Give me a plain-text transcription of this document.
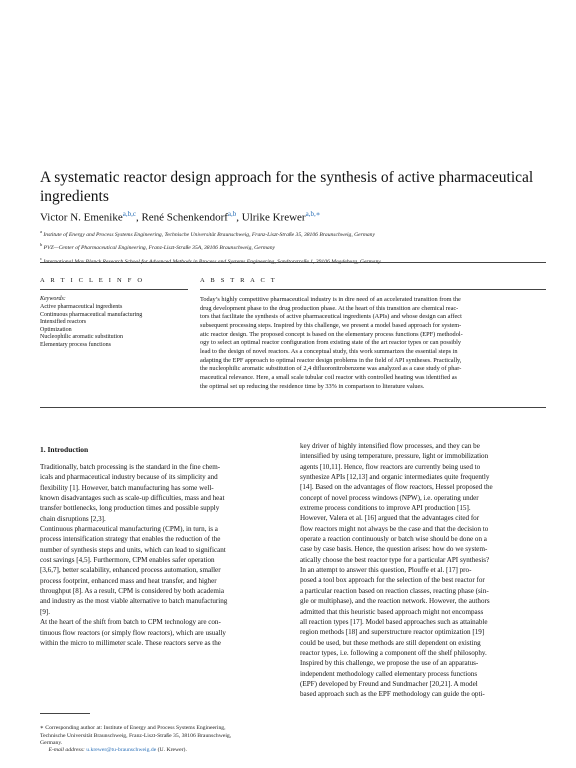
A systematic reactor design approach for the synthesis of active pharmaceutical ingredients
Victor N. Emenike$^{a,b,c}$, René Schenkendorf$^{a,b}$, Ulrike Krewer$^{a,b,∗}$
$^a$ Institute of Energy and Process Systems Engineering, Technische Universität Braunschweig, Franz-Liszt-Straße 35, 38106 Braunschweig, Germany
$^b$ PVZ—Center of Pharmaceutical Engineering, Franz-Liszt-Straße 35A, 38106 Braunschweig, Germany
$^c$ International Max Planck Research School for Advanced Methods in Process and Systems Engineering, Sandtorstraße 1, 39106 Magdeburg, Germany
A R T I C L E I N F O	A B S T R A C T
Keywords:
Active pharmaceutical ingredients
Continuous pharmaceutical manufacturing
Intensified reactors
Optimization
Nucleophilic aromatic substitution
Elementary process functions
Today’s highly competitive pharmaceutical industry is in dire need of an accelerated transition from the
drug development phase to the drug production phase. At the heart of this transition are chemical reac-
tors that facilitate the synthesis of active pharmaceutical ingredients (APIs) and whose design can affect
subsequent processing steps. Inspired by this challenge, we present a model based approach for system-
atic reactor design. The proposed concept is based on the elementary process functions (EPF) methodol-
ogy to select an optimal reactor configuration from existing state of the art reactor types or can possibly
lead to the design of novel reactors. As a conceptual study, this work summarizes the essential steps in
adapting the EPF approach to optimal reactor design problems in the field of API syntheses. Practically,
the nucleophilic aromatic substitution of 2,4 difluoronitrobenzene was analyzed as a case study of phar-
maceutical relevance. Here, a small scale tubular coil reactor with controlled heating was identified as
the optimal set up reducing the residence time by 33% in comparison to literature values.
1. Introduction
Traditionally, batch processing is the standard in the fine chem-
icals and pharmaceutical industry because of its simplicity and
flexibility [1]. However, batch manufacturing has some well-
known disadvantages such as scale-up difficulties, mass and heat
transfer bottlenecks, long production times and possible supply
chain disruptions [2,3].
Continuous pharmaceutical manufacturing (CPM), in turn, is a
process intensification strategy that enables the reduction of the
number of synthesis steps and units, which can lead to significant
cost savings [4,5]. Furthermore, CPM enables safer operation
[3,6,7], better scalability, enhanced process automation, smaller
process footprint, enhanced mass and heat transfer, and higher
throughput [8]. As a result, CPM is considered by both academia
and industry as the most viable alternative to batch manufacturing
[9].
At the heart of the shift from batch to CPM technology are con-
tinuous flow reactors (or simply flow reactors), which are usually
within the micro to millimeter scale. These reactors serve as the
key driver of highly intensified flow processes, and they can be
intensified by using temperature, pressure, light or immobilization
agents [10,11]. Hence, flow reactors are currently being used to
synthesize APIs [12,13] and organic intermediates quite frequently
[14]. Based on the advantages of flow reactors, Hessel proposed the
concept of novel process windows (NPW), i.e. operating under
extreme process conditions to improve API production [15].
However, Valera et al. [16] argued that the advantages cited for
flow reactors might not always be the case and that the decision to
operate a reaction continuously or batch wise should be done on a
case by case basis. Hence, the question arises: how do we system-
atically choose the best reactor type for a particular API synthesis?
In an attempt to answer this question, Plouffe et al. [17] pro-
posed a tool box approach for the selection of the best reactor for
a particular reaction based on reaction classes, reacting phase (sin-
gle or multiphase), and the reaction network. However, the authors
admitted that this heuristic based approach might not encompass
all reaction types [17]. Model based approaches such as attainable
region methods [18] and superstructure reactor optimization [19]
could be used, but these methods are still dependent on existing
reactor types, i.e. following a component off the shelf philosophy.
Inspired by this challenge, we propose the use of an apparatus-
independent methodology called elementary process functions
(EPF) developed by Freund and Sundmacher [20,21]. A model
based approach such as the EPF methodology can guide the opti-

∗ Corresponding author at: Institute of Energy and Process Systems Engineering,
Technische Universität Braunschweig, Franz-Liszt-Straße 35, 38106 Braunschweig,
Germany.

E-mail address: u.krewer@tu-braunschweig.de (U. Krewer).
